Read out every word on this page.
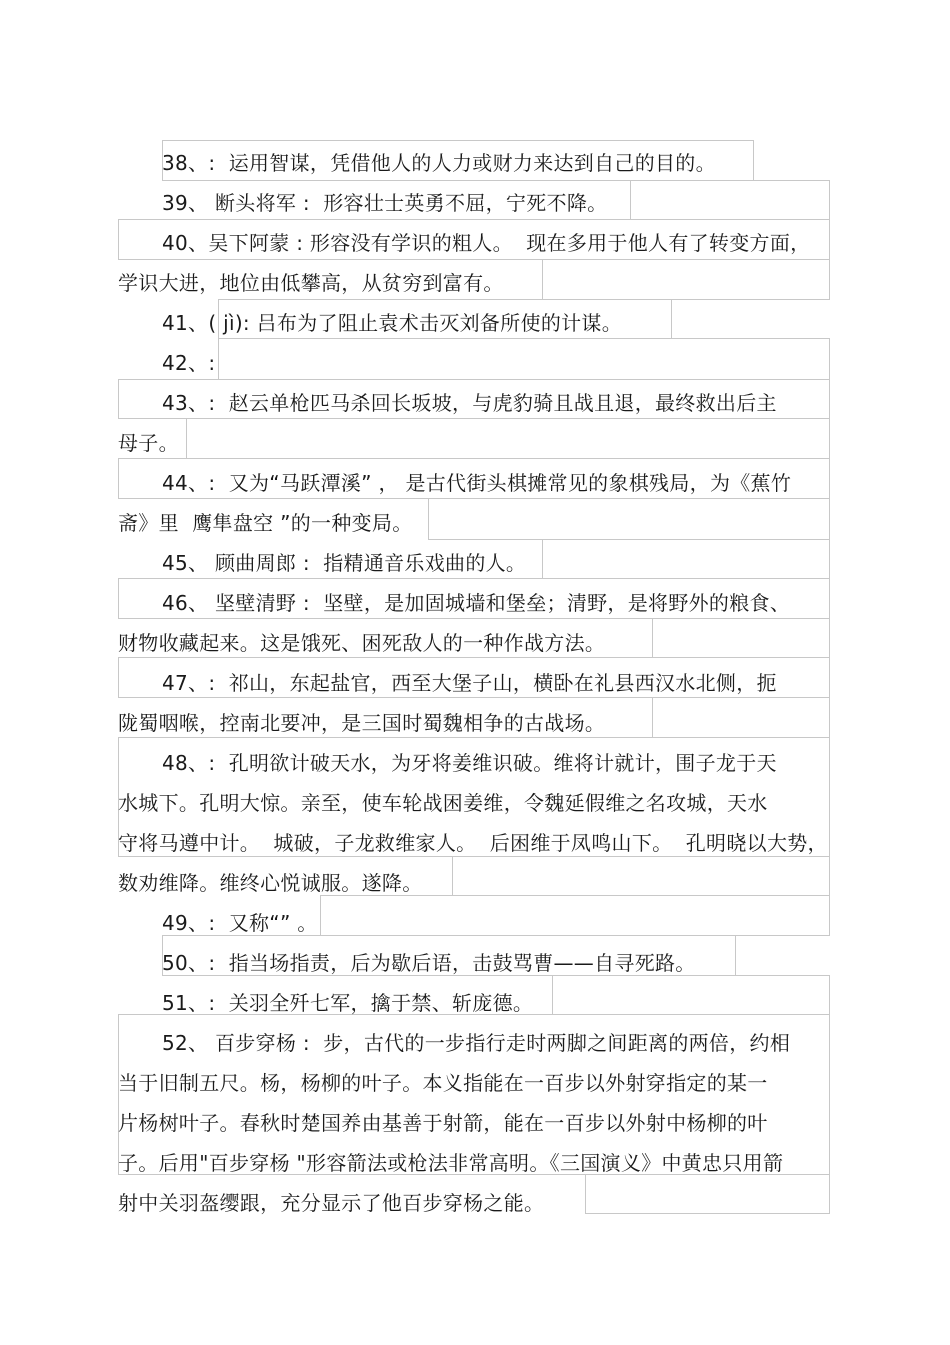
38、:  运用智谋，凭借他人的人力或财力来达到自己的目的。
39、 断头将军 :  形容壮士英勇不屈，宁死不降。
40、吴下阿蒙 : 形容没有学识的粗人。  现在多用于他人有了转变方面，
学识大进，地位由低攀高，从贫穷到富有。
41、( jì): 吕布为了阻止袁术击灭刘备所使的计谋。
42、:
43、:  赵云单枪匹马杀回长坂坡，与虎豹骑且战且退，最终救出后主
母子。
44、:  又为“马跃潭溪” ， 是古代街头棋摊常见的象棋残局，为《蕉竹
斋》里  鹰隼盘空 ”的一种变局。
45、 顾曲周郎 :  指精通音乐戏曲的人。
46、 坚壁清野 :  坚壁，是加固城墙和堡垒；清野，是将野外的粮食、
财物收藏起来。这是饿死、困死敌人的一种作战方法。
47、:  祁山，东起盐官，西至大堡子山，横卧在礼县西汉水北侧，扼
陇蜀咽喉，控南北要冲，是三国时蜀魏相争的古战场。
48、:  孔明欲计破天水，为牙将姜维识破。维将计就计，围子龙于天
水城下。孔明大惊。亲至，使车轮战困姜维，令魏延假维之名攻城，天水
守将马遵中计。  城破，子龙救维家人。  后困维于凤鸣山下。  孔明晓以大势，
数劝维降。维终心悦诚服。遂降。
49、:  又称“” 。
50、:  指当场指责，后为歇后语，击鼓骂曹——自寻死路。
51、:  关羽全歼七军，擒于禁、斩庞德。
52、 百步穿杨 :  步，古代的一步指行走时两脚之间距离的两倍，约相
当于旧制五尺。杨，杨柳的叶子。本义指能在一百步以外射穿指定的某一
片杨树叶子。春秋时楚国养由基善于射箭，能在一百步以外射中杨柳的叶
子。后用"百步穿杨 "形容箭法或枪法非常高明。《三国演义》中黄忠只用箭
射中关羽盔缨跟，充分显示了他百步穿杨之能。
